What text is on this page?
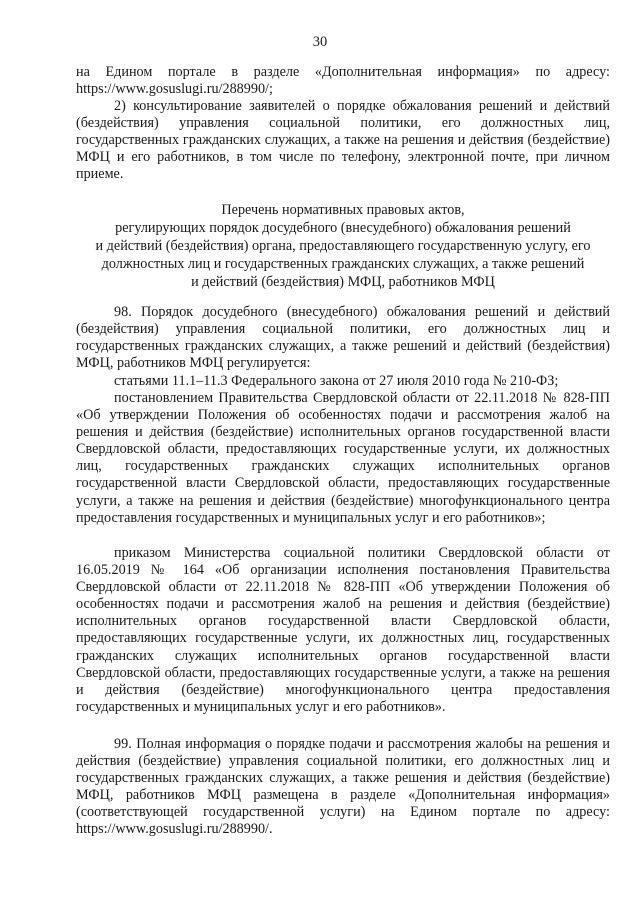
30
на Едином портале в разделе «Дополнительная информация» по адресу: https://www.gosuslugi.ru/288990/;
2) консультирование заявителей о порядке обжалования решений и действий (бездействия) управления социальной политики, его должностных лиц, государственных гражданских служащих, а также на решения и действия (бездействие) МФЦ и его работников, в том числе по телефону, электронной почте, при личном приеме.
Перечень нормативных правовых актов,
регулирующих порядок досудебного (внесудебного) обжалования решений
и действий (бездействия) органа, предоставляющего государственную услугу, его
должностных лиц и государственных гражданских служащих, а также решений
и действий (бездействия) МФЦ, работников МФЦ
98. Порядок досудебного (внесудебного) обжалования решений и действий (бездействия) управления социальной политики, его должностных лиц и государственных гражданских служащих, а также решений и действий (бездействия) МФЦ, работников МФЦ регулируется:
статьями 11.1–11.3 Федерального закона от 27 июля 2010 года № 210-ФЗ;
постановлением Правительства Свердловской области от 22.11.2018 № 828-ПП «Об утверждении Положения об особенностях подачи и рассмотрения жалоб на решения и действия (бездействие) исполнительных органов государственной власти Свердловской области, предоставляющих государственные услуги, их должностных лиц, государственных гражданских служащих исполнительных органов государственной власти Свердловской области, предоставляющих государственные услуги, а также на решения и действия (бездействие) многофункционального центра предоставления государственных и муниципальных услуг и его работников»;
приказом Министерства социальной политики Свердловской области от 16.05.2019 № 164 «Об организации исполнения постановления Правительства Свердловской области от 22.11.2018 № 828-ПП «Об утверждении Положения об особенностях подачи и рассмотрения жалоб на решения и действия (бездействие) исполнительных органов государственной власти Свердловской области, предоставляющих государственные услуги, их должностных лиц, государственных гражданских служащих исполнительных органов государственной власти Свердловской области, предоставляющих государственные услуги, а также на решения и действия (бездействие) многофункционального центра предоставления государственных и муниципальных услуг и его работников».
99. Полная информация о порядке подачи и рассмотрения жалобы на решения и действия (бездействие) управления социальной политики, его должностных лиц и государственных гражданских служащих, а также решения и действия (бездействие) МФЦ, работников МФЦ размещена в разделе «Дополнительная информация» (соответствующей государственной услуги) на Едином портале по адресу: https://www.gosuslugi.ru/288990/.
